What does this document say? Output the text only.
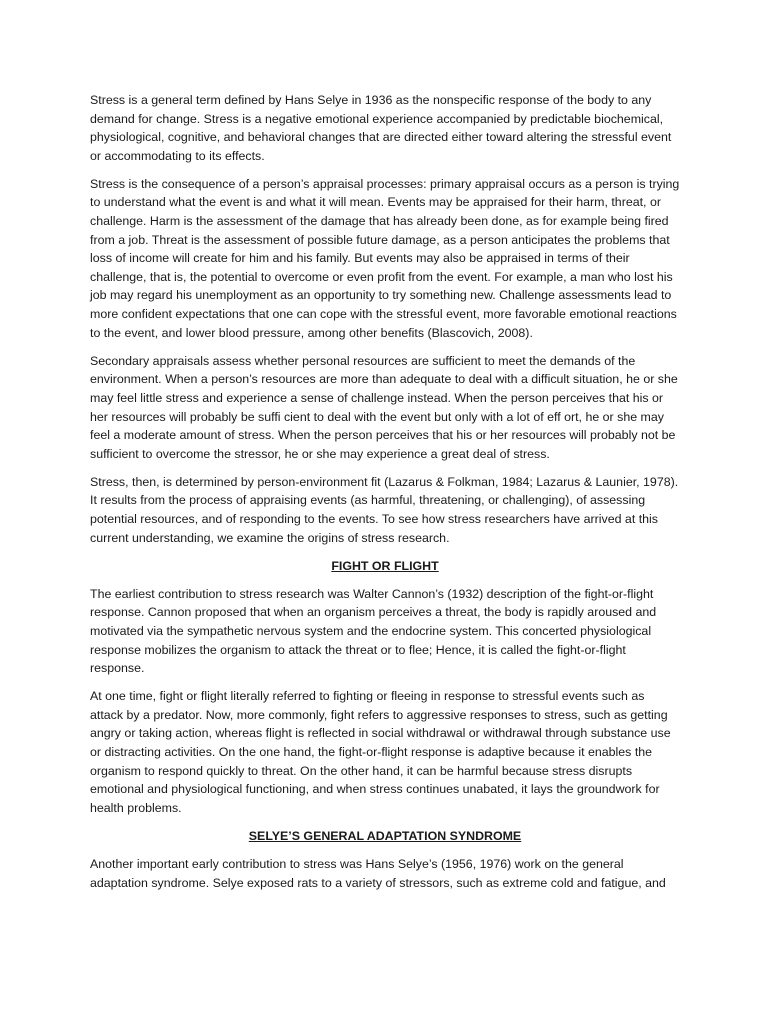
Stress is a general term defined by Hans Selye in 1936 as the nonspecific response of the body to any demand for change. Stress is a negative emotional experience accompanied by predictable biochemical, physiological, cognitive, and behavioral changes that are directed either toward altering the stressful event or accommodating to its effects.

Stress is the consequence of a person’s appraisal processes: primary appraisal occurs as a person is trying to understand what the event is and what it will mean. Events may be appraised for their harm, threat, or challenge. Harm is the assessment of the damage that has already been done, as for example being fired from a job. Threat is the assessment of possible future damage, as a person anticipates the problems that loss of income will create for him and his family. But events may also be appraised in terms of their challenge, that is, the potential to overcome or even profit from the event. For example, a man who lost his job may regard his unemployment as an opportunity to try something new. Challenge assessments lead to more confident expectations that one can cope with the stressful event, more favorable emotional reactions to the event, and lower blood pressure, among other benefits (Blascovich, 2008).

Secondary appraisals assess whether personal resources are sufficient to meet the demands of the environment. When a person’s resources are more than adequate to deal with a difficult situation, he or she may feel little stress and experience a sense of challenge instead. When the person perceives that his or her resources will probably be suffi cient to deal with the event but only with a lot of eff ort, he or she may feel a moderate amount of stress. When the person perceives that his or her resources will probably not be sufficient to overcome the stressor, he or she may experience a great deal of stress.

Stress, then, is determined by person-environment fit (Lazarus & Folkman, 1984; Lazarus & Launier, 1978). It results from the process of appraising events (as harmful, threatening, or challenging), of assessing potential resources, and of responding to the events. To see how stress researchers have arrived at this current understanding, we examine the origins of stress research.

FIGHT OR FLIGHT

The earliest contribution to stress research was Walter Cannon’s (1932) description of the fight-or-flight response. Cannon proposed that when an organism perceives a threat, the body is rapidly aroused and motivated via the sympathetic nervous system and the endocrine system. This concerted physiological response mobilizes the organism to attack the threat or to flee; Hence, it is called the fight-or-flight response.

At one time, fight or flight literally referred to fighting or fleeing in response to stressful events such as attack by a predator. Now, more commonly, fight refers to aggressive responses to stress, such as getting angry or taking action, whereas flight is reflected in social withdrawal or withdrawal through substance use or distracting activities. On the one hand, the fight-or-flight response is adaptive because it enables the organism to respond quickly to threat. On the other hand, it can be harmful because stress disrupts emotional and physiological functioning, and when stress continues unabated, it lays the groundwork for health problems.

SELYE’S GENERAL ADAPTATION SYNDROME

Another important early contribution to stress was Hans Selye’s (1956, 1976) work on the general adaptation syndrome. Selye exposed rats to a variety of stressors, such as extreme cold and fatigue, and
